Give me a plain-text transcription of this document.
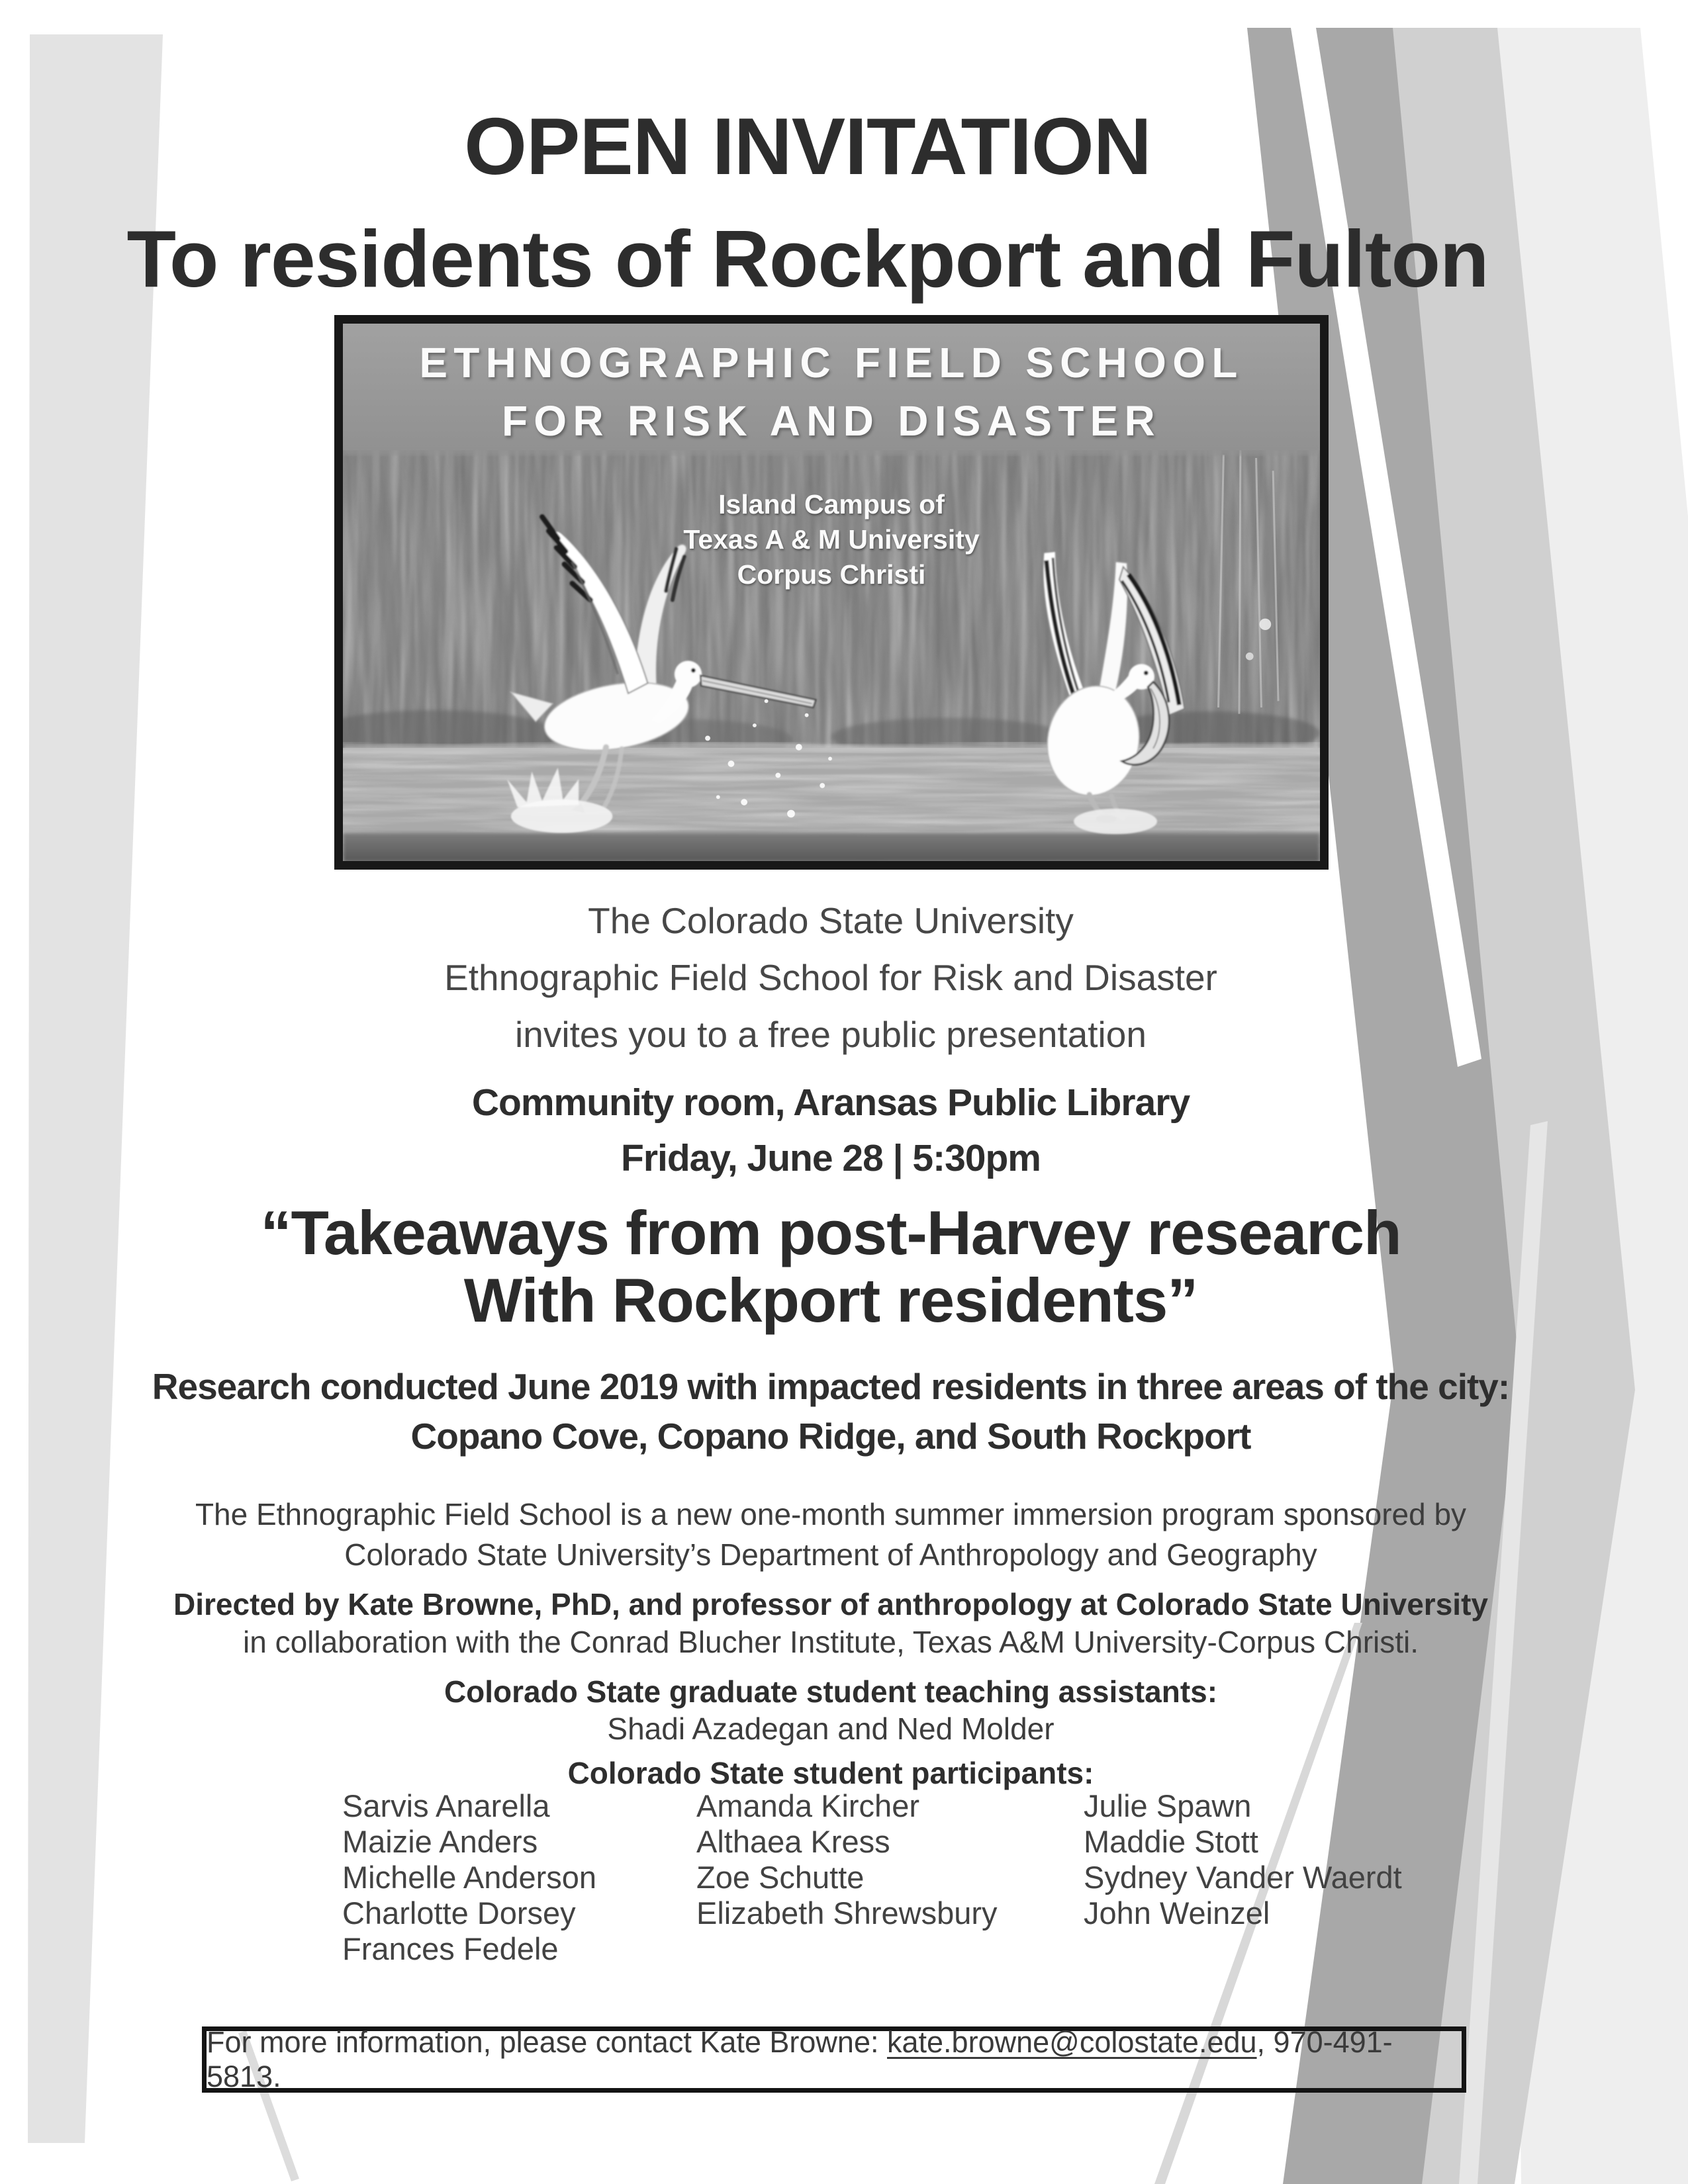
OPEN INVITATION
To residents of Rockport and Fulton
ETHNOGRAPHIC FIELD SCHOOL
FOR RISK AND DISASTER
Island Campus of
Texas A & M University
Corpus Christi
The Colorado State University
Ethnographic Field School for Risk and Disaster
invites you to a free public presentation
Community room, Aransas Public Library
Friday, June 28 | 5:30pm
“Takeaways from post-Harvey research
With Rockport residents”
Research conducted June 2019 with impacted residents in three areas of the city:
Copano Cove, Copano Ridge, and South Rockport
The Ethnographic Field School is a new one-month summer immersion program sponsored by
Colorado State University’s Department of Anthropology and Geography
Directed by Kate Browne, PhD, and professor of anthropology at Colorado State University
in collaboration with the Conrad Blucher Institute, Texas A&M University-Corpus Christi.
Colorado State graduate student teaching assistants:
Shadi Azadegan and Ned Molder
Colorado State student participants:
Sarvis Anarella
Maizie Anders
Michelle Anderson
Charlotte Dorsey
Frances Fedele
Amanda Kircher
Althaea Kress
Zoe Schutte
Elizabeth Shrewsbury
Julie Spawn
Maddie Stott
Sydney Vander Waerdt
John Weinzel
For more information, please contact Kate Browne: kate.browne@colostate.edu, 970-491-5813.
